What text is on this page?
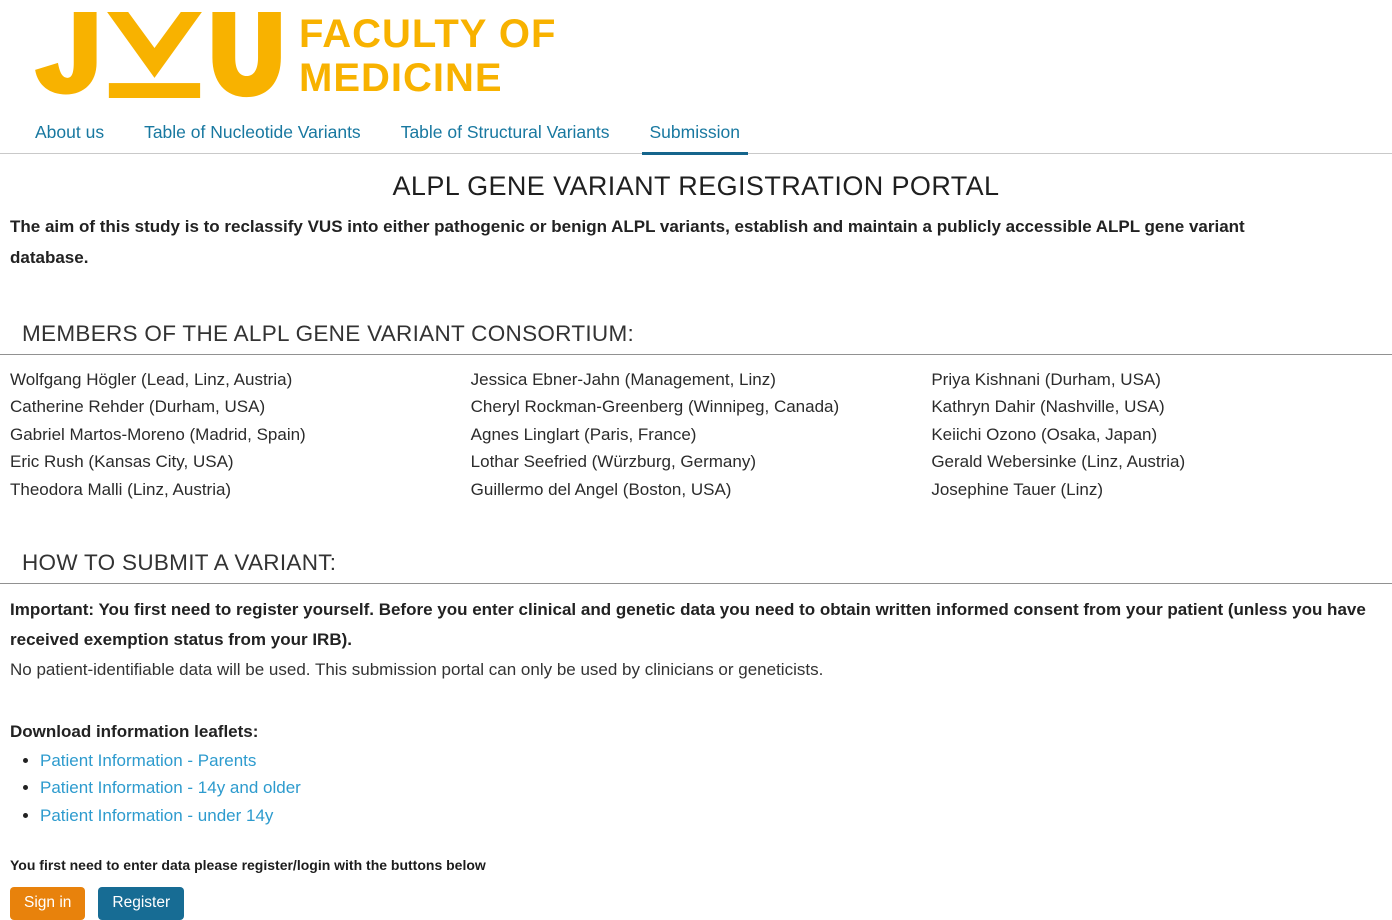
FACULTY OF
MEDICINE
About us	Table of Nucleotide Variants	Table of Structural Variants	Submission
ALPL GENE VARIANT REGISTRATION PORTAL

The aim of this study is to reclassify VUS into either pathogenic or benign ALPL variants, establish and maintain a publicly accessible ALPL gene variant database.

MEMBERS OF THE ALPL GENE VARIANT CONSORTIUM:
Wolfgang Högler (Lead, Linz, Austria)
Catherine Rehder (Durham, USA)
Gabriel Martos-Moreno (Madrid, Spain)
Eric Rush (Kansas City, USA)
Theodora Malli (Linz, Austria)
Jessica Ebner-Jahn (Management, Linz)
Cheryl Rockman-Greenberg (Winnipeg, Canada)
Agnes Linglart (Paris, France)
Lothar Seefried (Würzburg, Germany)
Guillermo del Angel (Boston, USA)
Priya Kishnani (Durham, USA)
Kathryn Dahir (Nashville, USA)
Keiichi Ozono (Osaka, Japan)
Gerald Webersinke (Linz, Austria)
Josephine Tauer (Linz)
HOW TO SUBMIT A VARIANT:

Important: You first need to register yourself. Before you enter clinical and genetic data you need to obtain written informed consent from your patient (unless you have received exemption status from your IRB).

No patient-identifiable data will be used. This submission portal can only be used by clinicians or geneticists.

Download information leaflets:

• Patient Information - Parents
• Patient Information - 14y and older
• Patient Information - under 14y

You first need to enter data please register/login with the buttons below

Sign in	Register
